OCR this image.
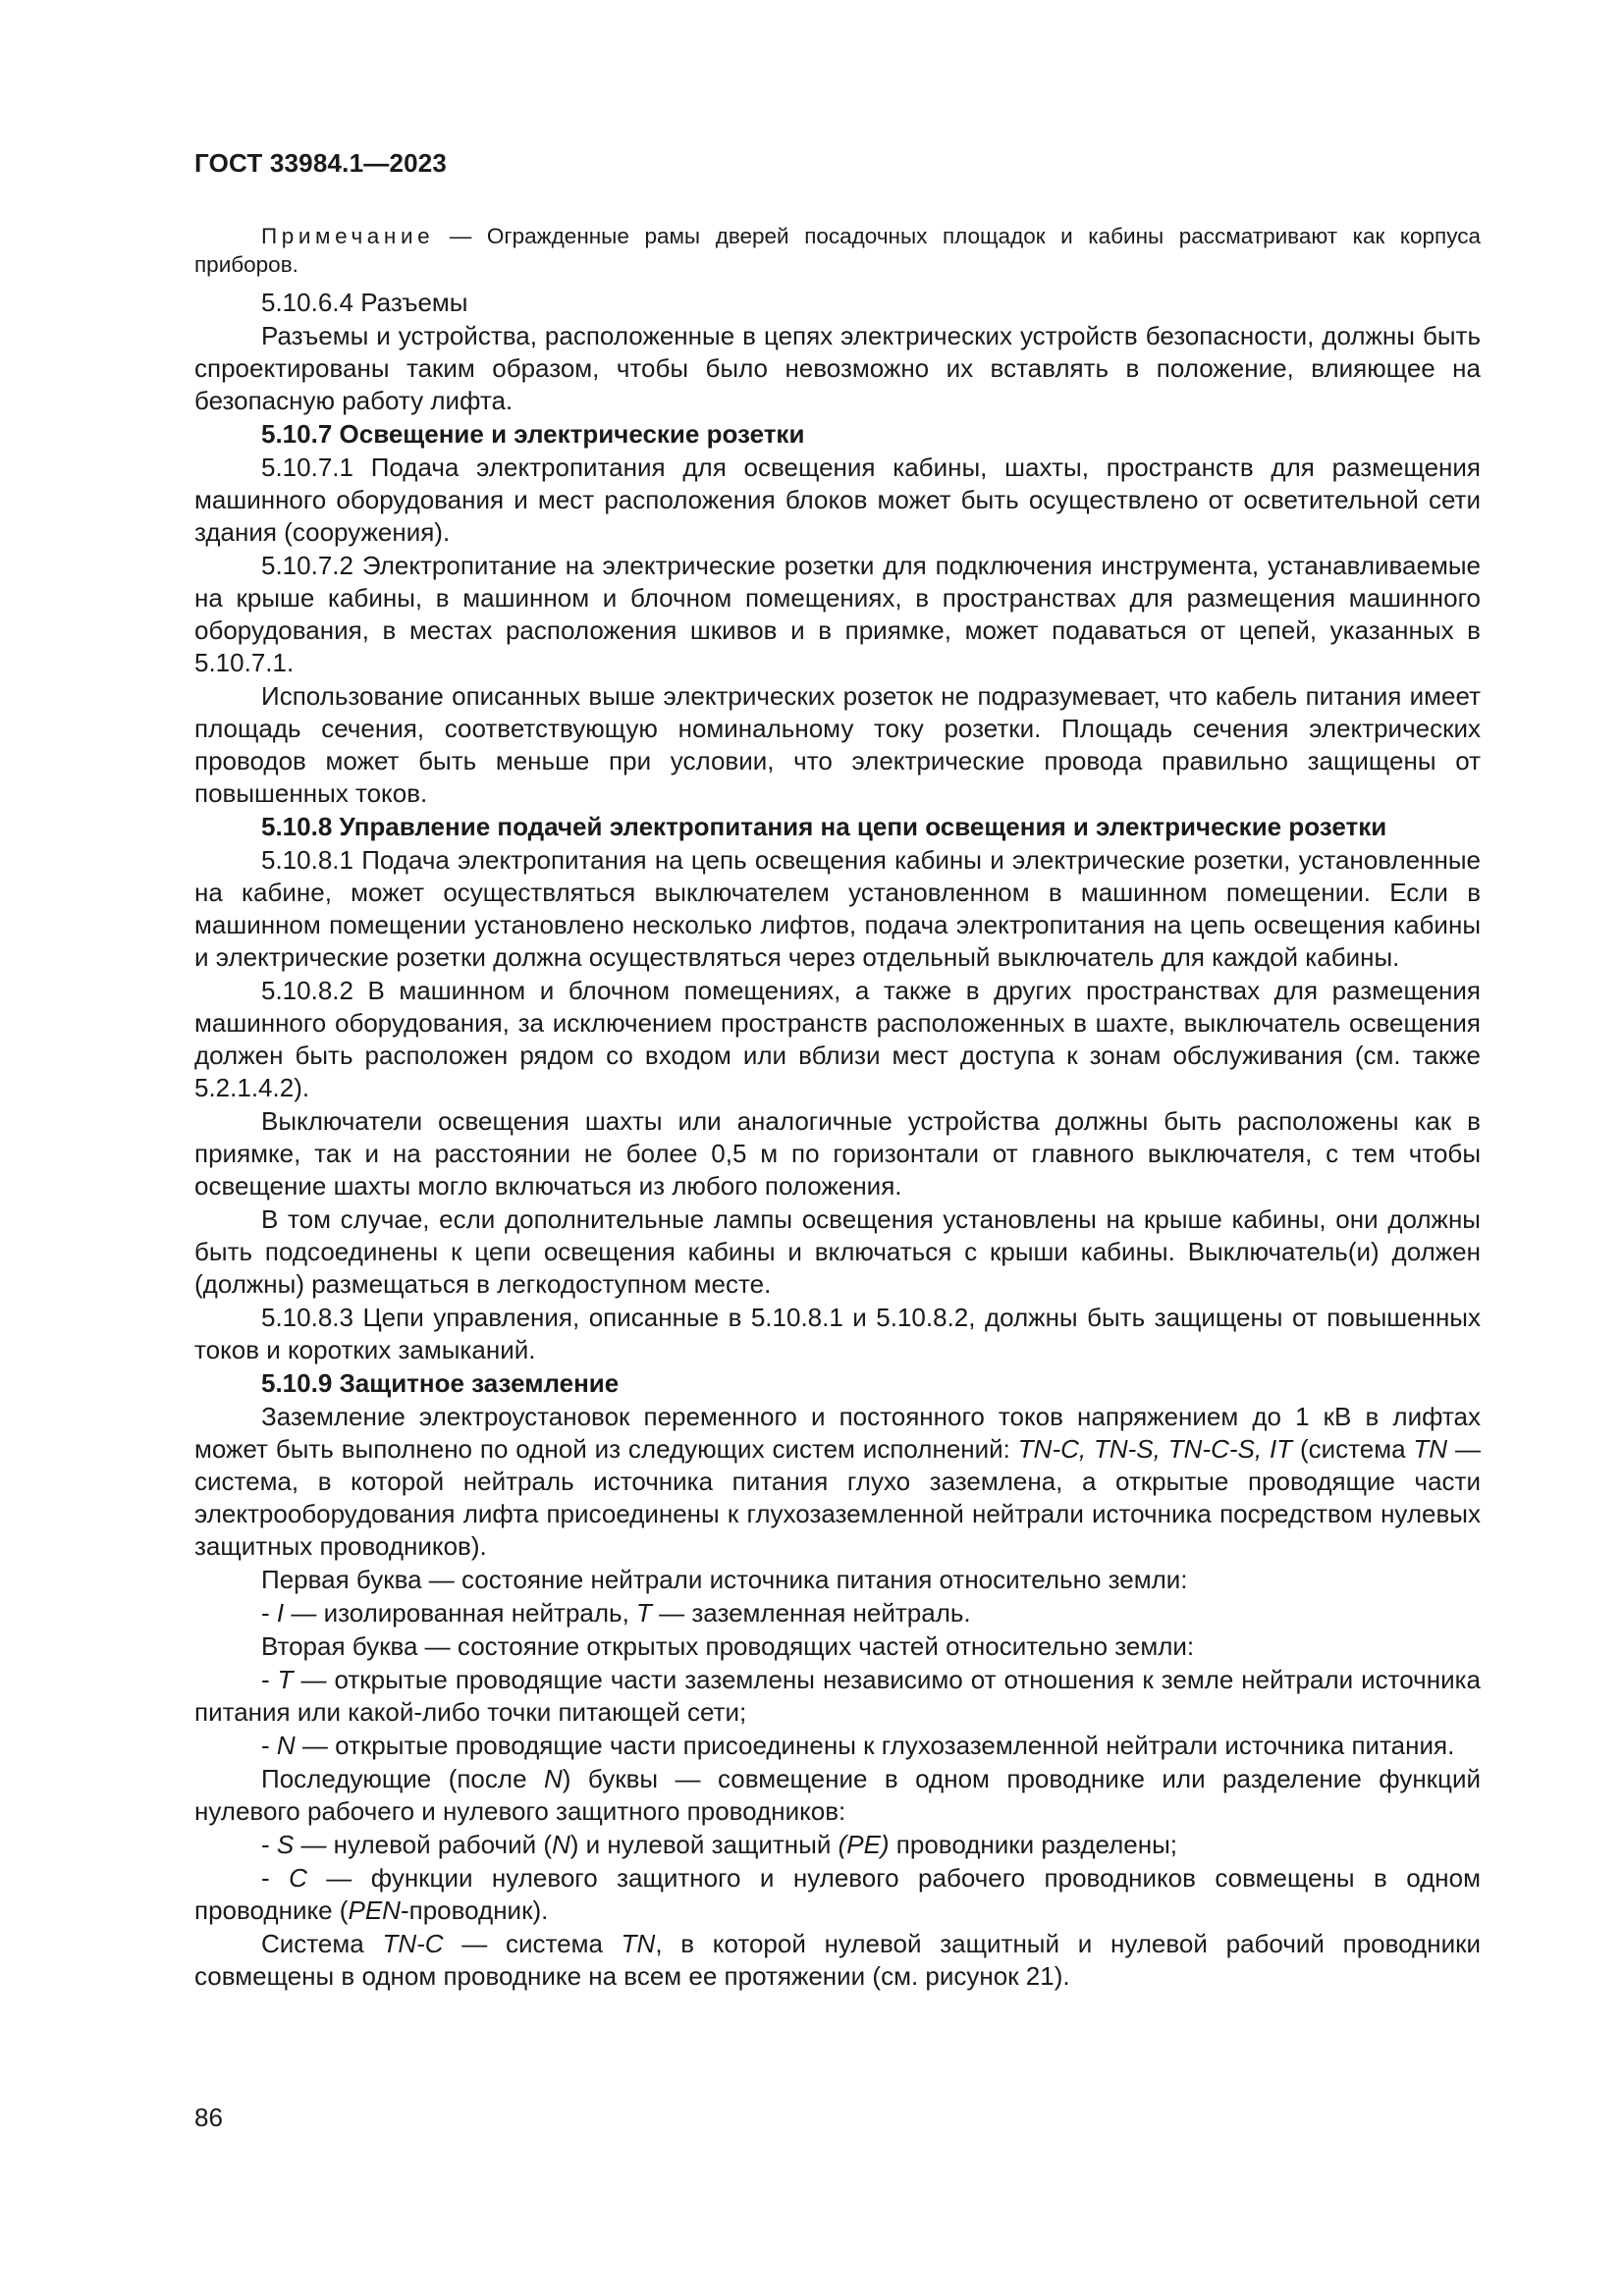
ГОСТ 33984.1—2023

Примечание — Огражденные рамы дверей посадочных площадок и кабины рассматривают как корпуса приборов.

5.10.6.4 Разъемы

Разъемы и устройства, расположенные в цепях электрических устройств безопасности, должны быть спроектированы таким образом, чтобы было невозможно их вставлять в положение, влияющее на безопасную работу лифта.

5.10.7 Освещение и электрические розетки

5.10.7.1 Подача электропитания для освещения кабины, шахты, пространств для размещения машинного оборудования и мест расположения блоков может быть осуществлено от осветительной сети здания (сооружения).

5.10.7.2 Электропитание на электрические розетки для подключения инструмента, устанавливаемые на крыше кабины, в машинном и блочном помещениях, в пространствах для размещения машинного оборудования, в местах расположения шкивов и в приямке, может подаваться от цепей, указанных в 5.10.7.1.

Использование описанных выше электрических розеток не подразумевает, что кабель питания имеет площадь сечения, соответствующую номинальному току розетки. Площадь сечения электрических проводов может быть меньше при условии, что электрические провода правильно защищены от повышенных токов.

5.10.8 Управление подачей электропитания на цепи освещения и электрические розетки

5.10.8.1 Подача электропитания на цепь освещения кабины и электрические розетки, установленные на кабине, может осуществляться выключателем установленном в машинном помещении. Если в машинном помещении установлено несколько лифтов, подача электропитания на цепь освещения кабины и электрические розетки должна осуществляться через отдельный выключатель для каждой кабины.

5.10.8.2 В машинном и блочном помещениях, а также в других пространствах для размещения машинного оборудования, за исключением пространств расположенных в шахте, выключатель освещения должен быть расположен рядом со входом или вблизи мест доступа к зонам обслуживания (см. также 5.2.1.4.2).

Выключатели освещения шахты или аналогичные устройства должны быть расположены как в приямке, так и на расстоянии не более 0,5 м по горизонтали от главного выключателя, с тем чтобы освещение шахты могло включаться из любого положения.

В том случае, если дополнительные лампы освещения установлены на крыше кабины, они должны быть подсоединены к цепи освещения кабины и включаться с крыши кабины. Выключатель(и) должен (должны) размещаться в легкодоступном месте.

5.10.8.3 Цепи управления, описанные в 5.10.8.1 и 5.10.8.2, должны быть защищены от повышенных токов и коротких замыканий.

5.10.9 Защитное заземление

Заземление электроустановок переменного и постоянного токов напряжением до 1 кВ в лифтах может быть выполнено по одной из следующих систем исполнений: TN-C, TN-S, TN-C-S, IT (система TN — система, в которой нейтраль источника питания глухо заземлена, а открытые проводящие части электрооборудования лифта присоединены к глухозаземленной нейтрали источника посредством нулевых защитных проводников).

Первая буква — состояние нейтрали источника питания относительно земли:

- I — изолированная нейтраль, T — заземленная нейтраль.

Вторая буква — состояние открытых проводящих частей относительно земли:

- T — открытые проводящие части заземлены независимо от отношения к земле нейтрали источника питания или какой-либо точки питающей сети;

- N — открытые проводящие части присоединены к глухозаземленной нейтрали источника питания.

Последующие (после N) буквы — совмещение в одном проводнике или разделение функций нулевого рабочего и нулевого защитного проводников:

- S — нулевой рабочий (N) и нулевой защитный (PE) проводники разделены;

- C — функции нулевого защитного и нулевого рабочего проводников совмещены в одном проводнике (PEN-проводник).

Система TN-C — система TN, в которой нулевой защитный и нулевой рабочий проводники совмещены в одном проводнике на всем ее протяжении (см. рисунок 21).

86
